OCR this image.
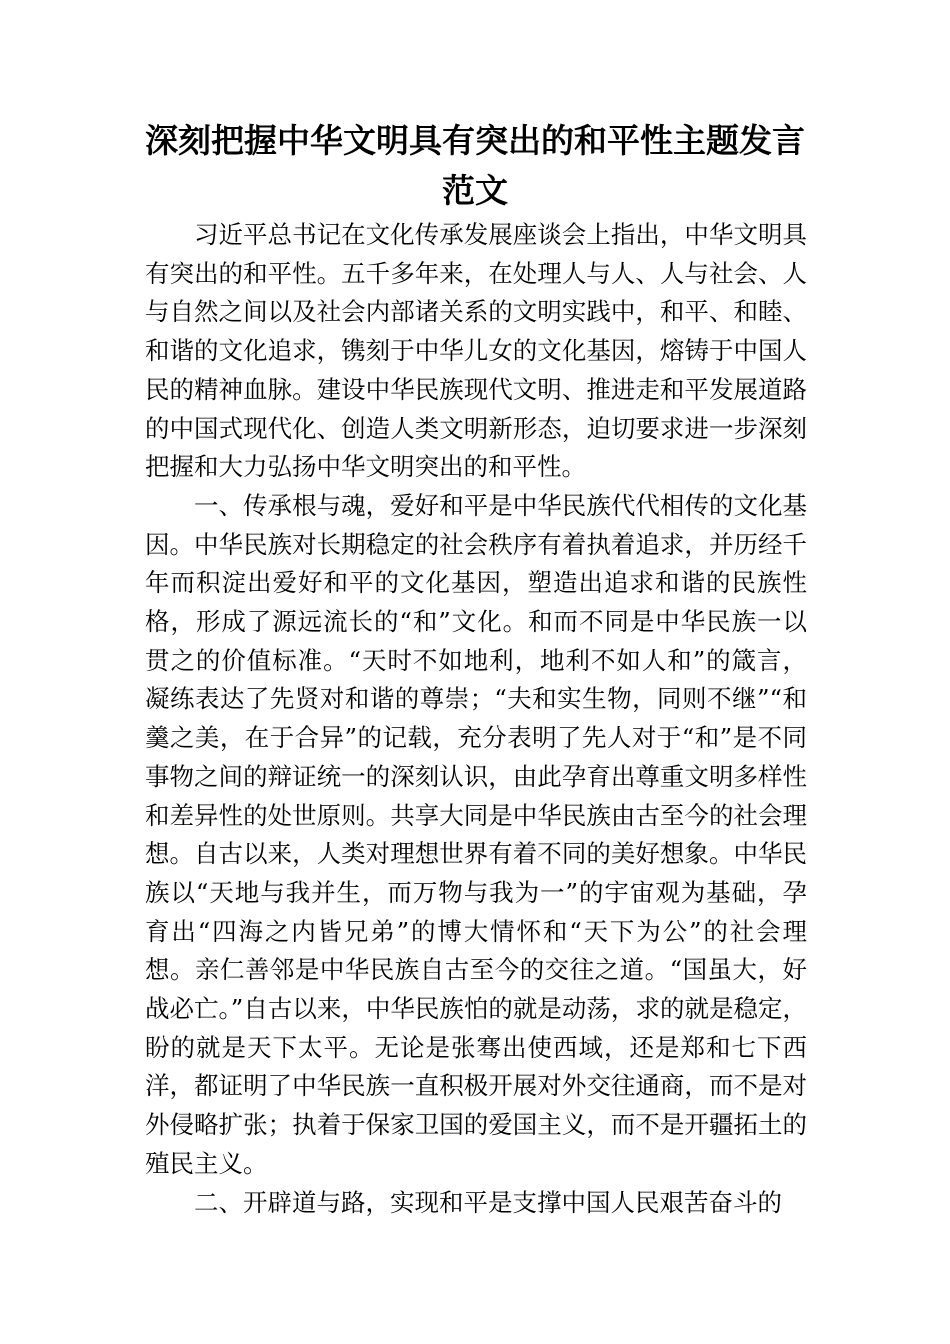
深刻把握中华文明具有突出的和平性主题发言范文

习近平总书记在文化传承发展座谈会上指出，中华文明具有突出的和平性。五千多年来，在处理人与人、人与社会、人与自然之间以及社会内部诸关系的文明实践中，和平、和睦、和谐的文化追求，镌刻于中华儿女的文化基因，熔铸于中国人民的精神血脉。建设中华民族现代文明、推进走和平发展道路的中国式现代化、创造人类文明新形态，迫切要求进一步深刻把握和大力弘扬中华文明突出的和平性。

一、传承根与魂，爱好和平是中华民族代代相传的文化基因。中华民族对长期稳定的社会秩序有着执着追求，并历经千年而积淀出爱好和平的文化基因，塑造出追求和谐的民族性格，形成了源远流长的“和”文化。和而不同是中华民族一以贯之的价值标准。“天时不如地利，地利不如人和”的箴言，凝练表达了先贤对和谐的尊崇；“夫和实生物，同则不继”“和羹之美，在于合异”的记载，充分表明了先人对于“和”是不同事物之间的辩证统一的深刻认识，由此孕育出尊重文明多样性和差异性的处世原则。共享大同是中华民族由古至今的社会理想。自古以来，人类对理想世界有着不同的美好想象。中华民族以“天地与我并生，而万物与我为一”的宇宙观为基础，孕育出“四海之内皆兄弟”的博大情怀和“天下为公”的社会理想。亲仁善邻是中华民族自古至今的交往之道。“国虽大，好战必亡。”自古以来，中华民族怕的就是动荡，求的就是稳定，盼的就是天下太平。无论是张骞出使西域，还是郑和七下西洋，都证明了中华民族一直积极开展对外交往通商，而不是对外侵略扩张；执着于保家卫国的爱国主义，而不是开疆拓土的殖民主义。

二、开辟道与路，实现和平是支撑中国人民艰苦奋斗的
